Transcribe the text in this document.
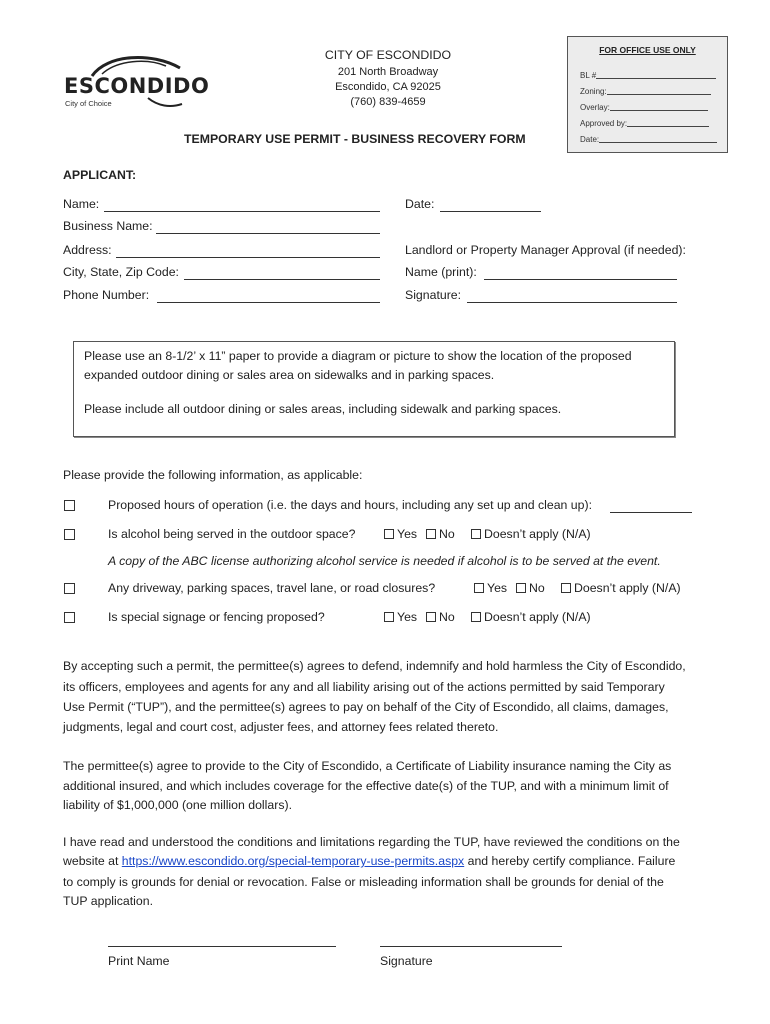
ESCONDIDO
City of Choice
CITY OF ESCONDIDO
201 North Broadway
Escondido, CA 92025
(760) 839-4659
FOR OFFICE USE ONLY
BL #
Zoning:
Overlay:
Approved by:
Date:
TEMPORARY USE PERMIT - BUSINESS RECOVERY FORM
APPLICANT:
Name:
Business Name:
Address:
City, State, Zip Code:
Phone Number:
Date:
Landlord or Property Manager Approval (if needed):
Name (print):
Signature:
Please use an 8-1/2’ x 11” paper to provide a diagram or picture to show the location of the proposed
expanded outdoor dining or sales area on sidewalks and in parking spaces.
Please include all outdoor dining or sales areas, including sidewalk and parking spaces.
Please provide the following information, as applicable:
Proposed hours of operation (i.e. the days and hours, including any set up and clean up):
Is alcohol being served in the outdoor space?	Yes	No	Doesn’t apply (N/A)
A copy of the ABC license authorizing alcohol service is needed if alcohol is to be served at the event.
Any driveway, parking spaces, travel lane, or road closures?	Yes	No	Doesn’t apply (N/A)
Is special signage or fencing proposed?	Yes	No	Doesn’t apply (N/A)
By accepting such a permit, the permittee(s) agrees to defend, indemnify and hold harmless the City of Escondido,
its officers, employees and agents for any and all liability arising out of the actions permitted by said Temporary
Use Permit (“TUP”), and the permittee(s) agrees to pay on behalf of the City of Escondido, all claims, damages,
judgments, legal and court cost, adjuster fees, and attorney fees related thereto.
The permittee(s) agree to provide to the City of Escondido, a Certificate of Liability insurance naming the City as
additional insured, and which includes coverage for the effective date(s) of the TUP, and with a minimum limit of
liability of $1,000,000 (one million dollars).
I have read and understood the conditions and limitations regarding the TUP, have reviewed the conditions on the
website at https://www.escondido.org/special-temporary-use-permits.aspx and hereby certify compliance. Failure
to comply is grounds for denial or revocation. False or misleading information shall be grounds for denial of the
TUP application.
Print Name	Signature
